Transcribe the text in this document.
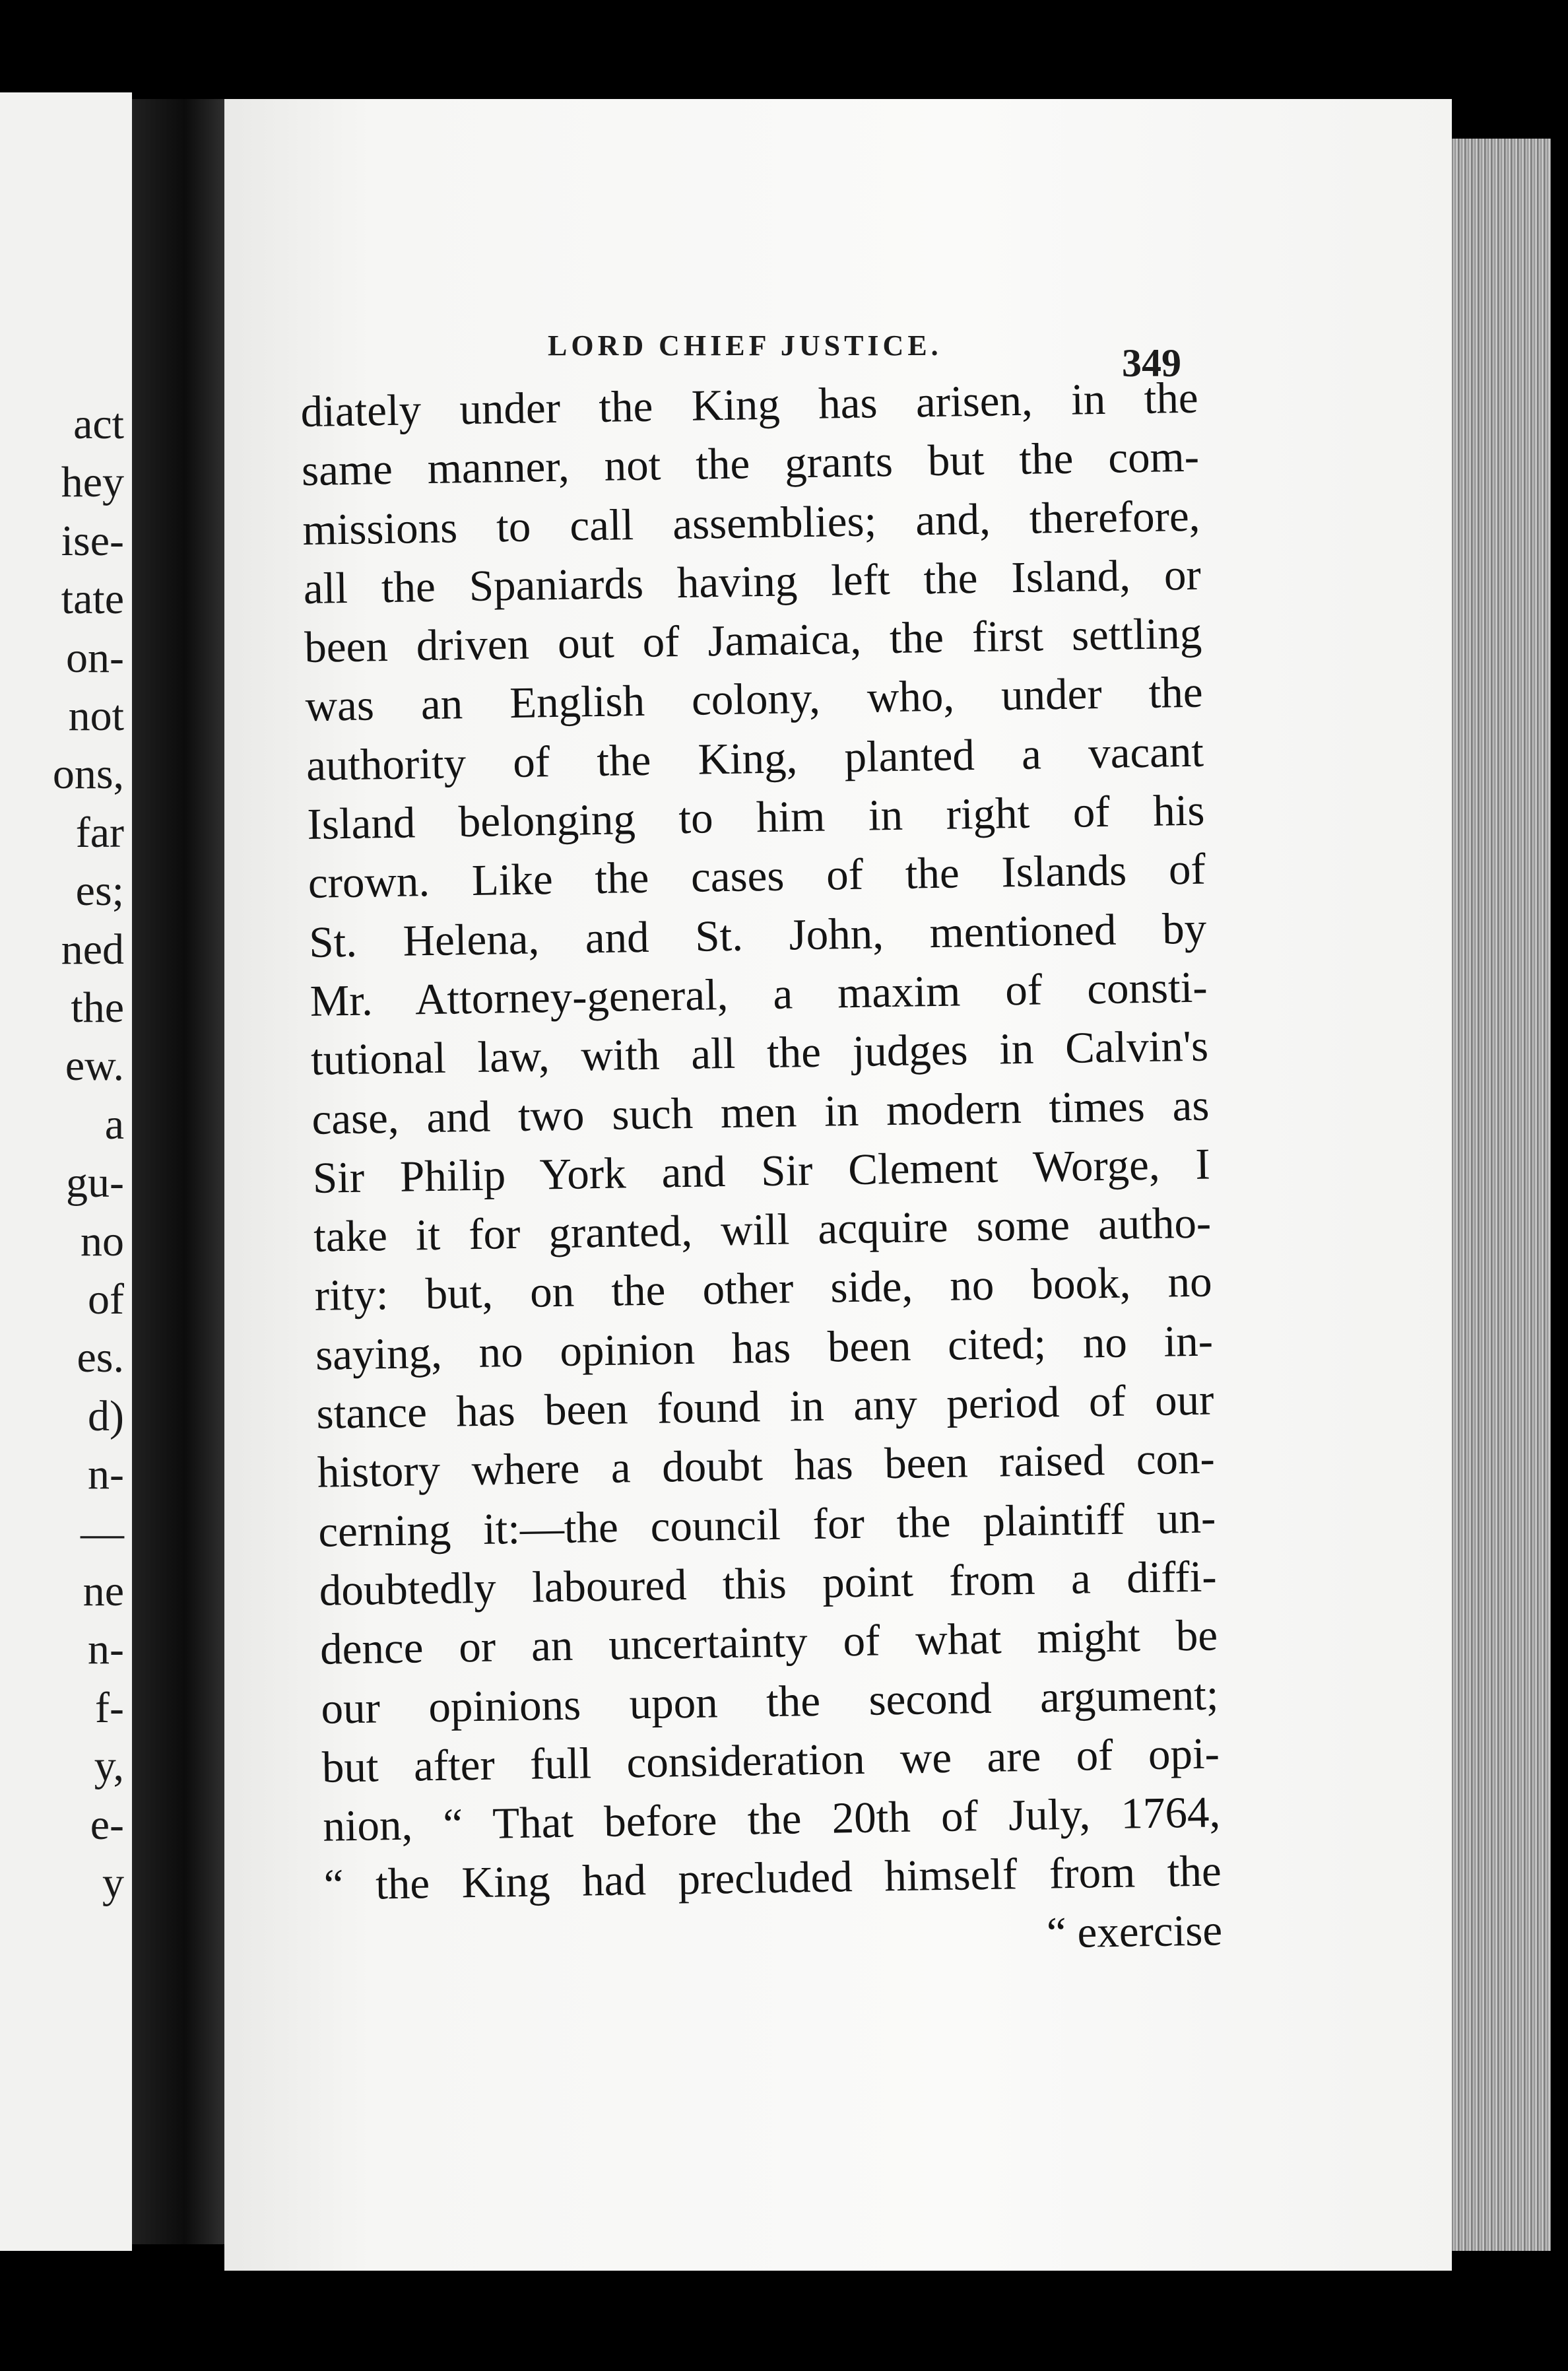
act
hey
ise-
tate
on-
not
ons,
far
es;
ned
the
ew.
a
gu-
no
of
es.
d)
n-
—
ne
n-
f-
y,
e-
y
LORD CHIEF JUSTICE.	349
diately under the King has arisen, in the
same manner, not the grants but the com-
missions to call assemblies; and, therefore,
all the Spaniards having left the Island, or
been driven out of Jamaica, the first settling
was an English colony, who, under the
authority of the King, planted a vacant
Island belonging to him in right of his
crown. Like the cases of the Islands of
St. Helena, and St. John, mentioned by
Mr. Attorney-general, a maxim of consti-
tutional law, with all the judges in Calvin's
case, and two such men in modern times as
Sir Philip York and Sir Clement Worge, I
take it for granted, will acquire some autho-
rity: but, on the other side, no book, no
saying, no opinion has been cited; no in-
stance has been found in any period of our
history where a doubt has been raised con-
cerning it:—the council for the plaintiff un-
doubtedly laboured this point from a diffi-
dence or an uncertainty of what might be
our opinions upon the second argument;
but after full consideration we are of opi-
nion, “ That before the 20th of July, 1764,
“ the King had precluded himself from the
“ exercise
